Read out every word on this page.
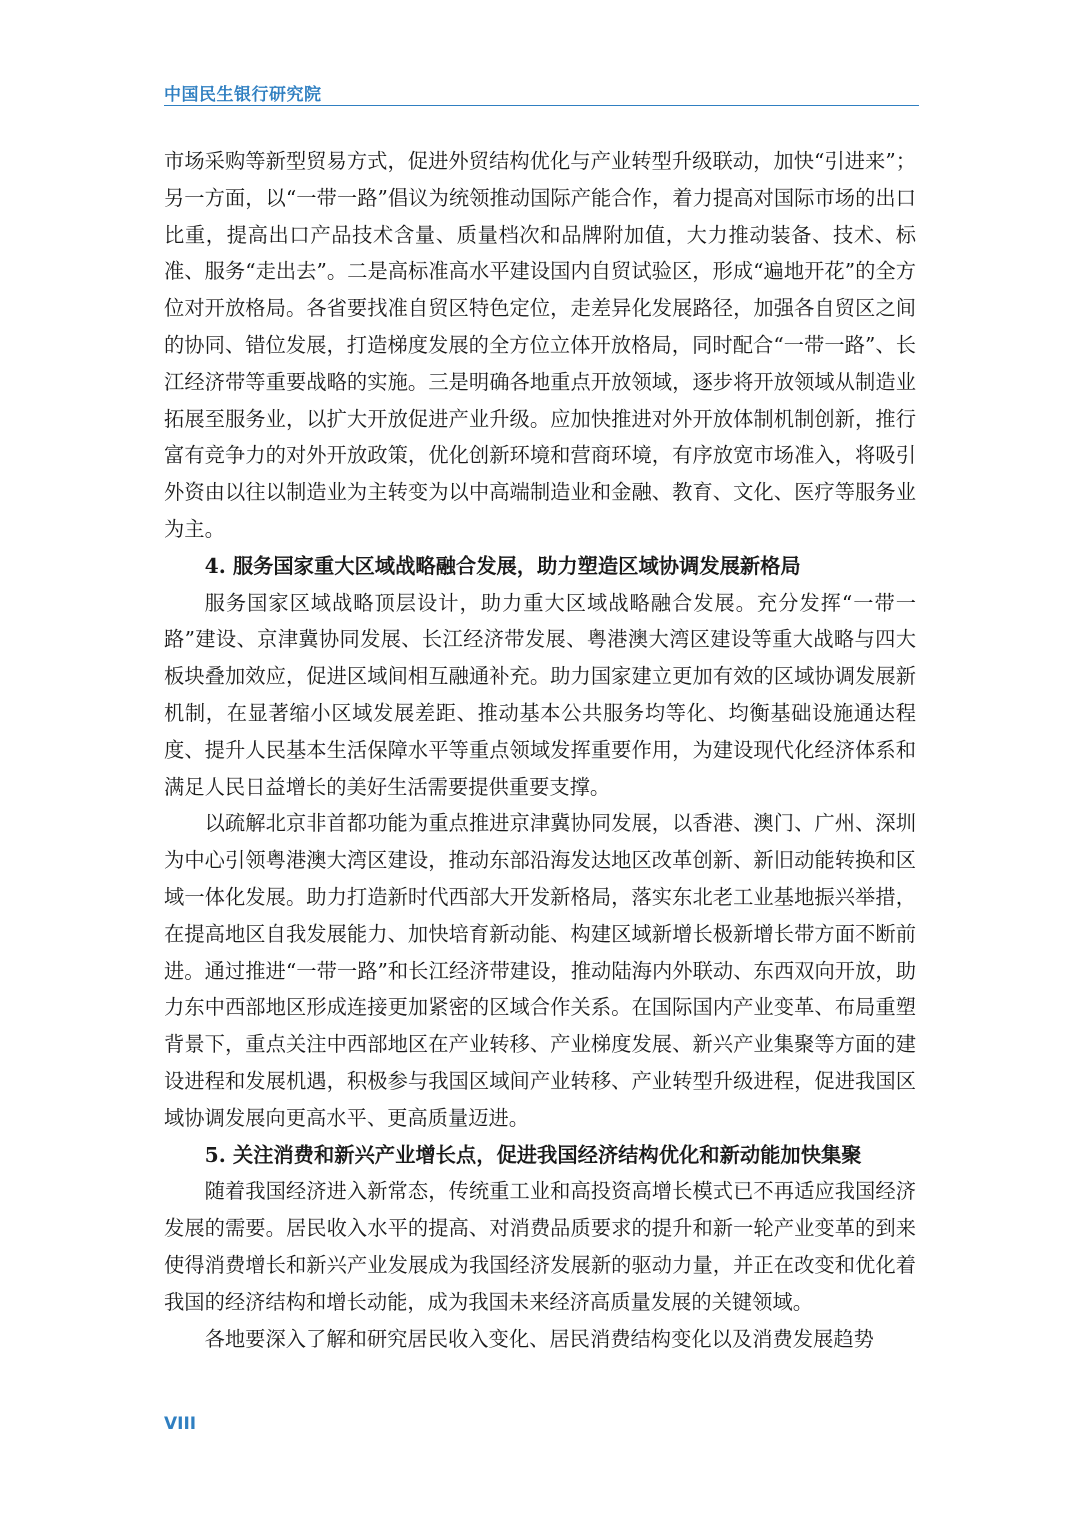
中国民生银行研究院

市场采购等新型贸易方式，促进外贸结构优化与产业转型升级联动，加快“引进来”；另一方面，以“一带一路”倡议为统领推动国际产能合作，着力提高对国际市场的出口比重，提高出口产品技术含量、质量档次和品牌附加值，大力推动装备、技术、标准、服务“走出去”。二是高标准高水平建设国内自贸试验区，形成“遍地开花”的全方位对开放格局。各省要找准自贸区特色定位，走差异化发展路径，加强各自贸区之间的协同、错位发展，打造梯度发展的全方位立体开放格局，同时配合“一带一路”、长江经济带等重要战略的实施。三是明确各地重点开放领域，逐步将开放领域从制造业拓展至服务业，以扩大开放促进产业升级。应加快推进对外开放体制机制创新，推行富有竞争力的对外开放政策，优化创新环境和营商环境，有序放宽市场准入，将吸引外资由以往以制造业为主转变为以中高端制造业和金融、教育、文化、医疗等服务业为主。

4. 服务国家重大区域战略融合发展，助力塑造区域协调发展新格局

服务国家区域战略顶层设计，助力重大区域战略融合发展。充分发挥“一带一路”建设、京津冀协同发展、长江经济带发展、粤港澳大湾区建设等重大战略与四大板块叠加效应，促进区域间相互融通补充。助力国家建立更加有效的区域协调发展新机制，在显著缩小区域发展差距、推动基本公共服务均等化、均衡基础设施通达程度、提升人民基本生活保障水平等重点领域发挥重要作用，为建设现代化经济体系和满足人民日益增长的美好生活需要提供重要支撑。

以疏解北京非首都功能为重点推进京津冀协同发展，以香港、澳门、广州、深圳为中心引领粤港澳大湾区建设，推动东部沿海发达地区改革创新、新旧动能转换和区域一体化发展。助力打造新时代西部大开发新格局，落实东北老工业基地振兴举措，在提高地区自我发展能力、加快培育新动能、构建区域新增长极新增长带方面不断前进。通过推进“一带一路”和长江经济带建设，推动陆海内外联动、东西双向开放，助力东中西部地区形成连接更加紧密的区域合作关系。在国际国内产业变革、布局重塑背景下，重点关注中西部地区在产业转移、产业梯度发展、新兴产业集聚等方面的建设进程和发展机遇，积极参与我国区域间产业转移、产业转型升级进程，促进我国区域协调发展向更高水平、更高质量迈进。

5. 关注消费和新兴产业增长点，促进我国经济结构优化和新动能加快集聚

随着我国经济进入新常态，传统重工业和高投资高增长模式已不再适应我国经济发展的需要。居民收入水平的提高、对消费品质要求的提升和新一轮产业变革的到来使得消费增长和新兴产业发展成为我国经济发展新的驱动力量，并正在改变和优化着我国的经济结构和增长动能，成为我国未来经济高质量发展的关键领域。

各地要深入了解和研究居民收入变化、居民消费结构变化以及消费发展趋势

VIII
